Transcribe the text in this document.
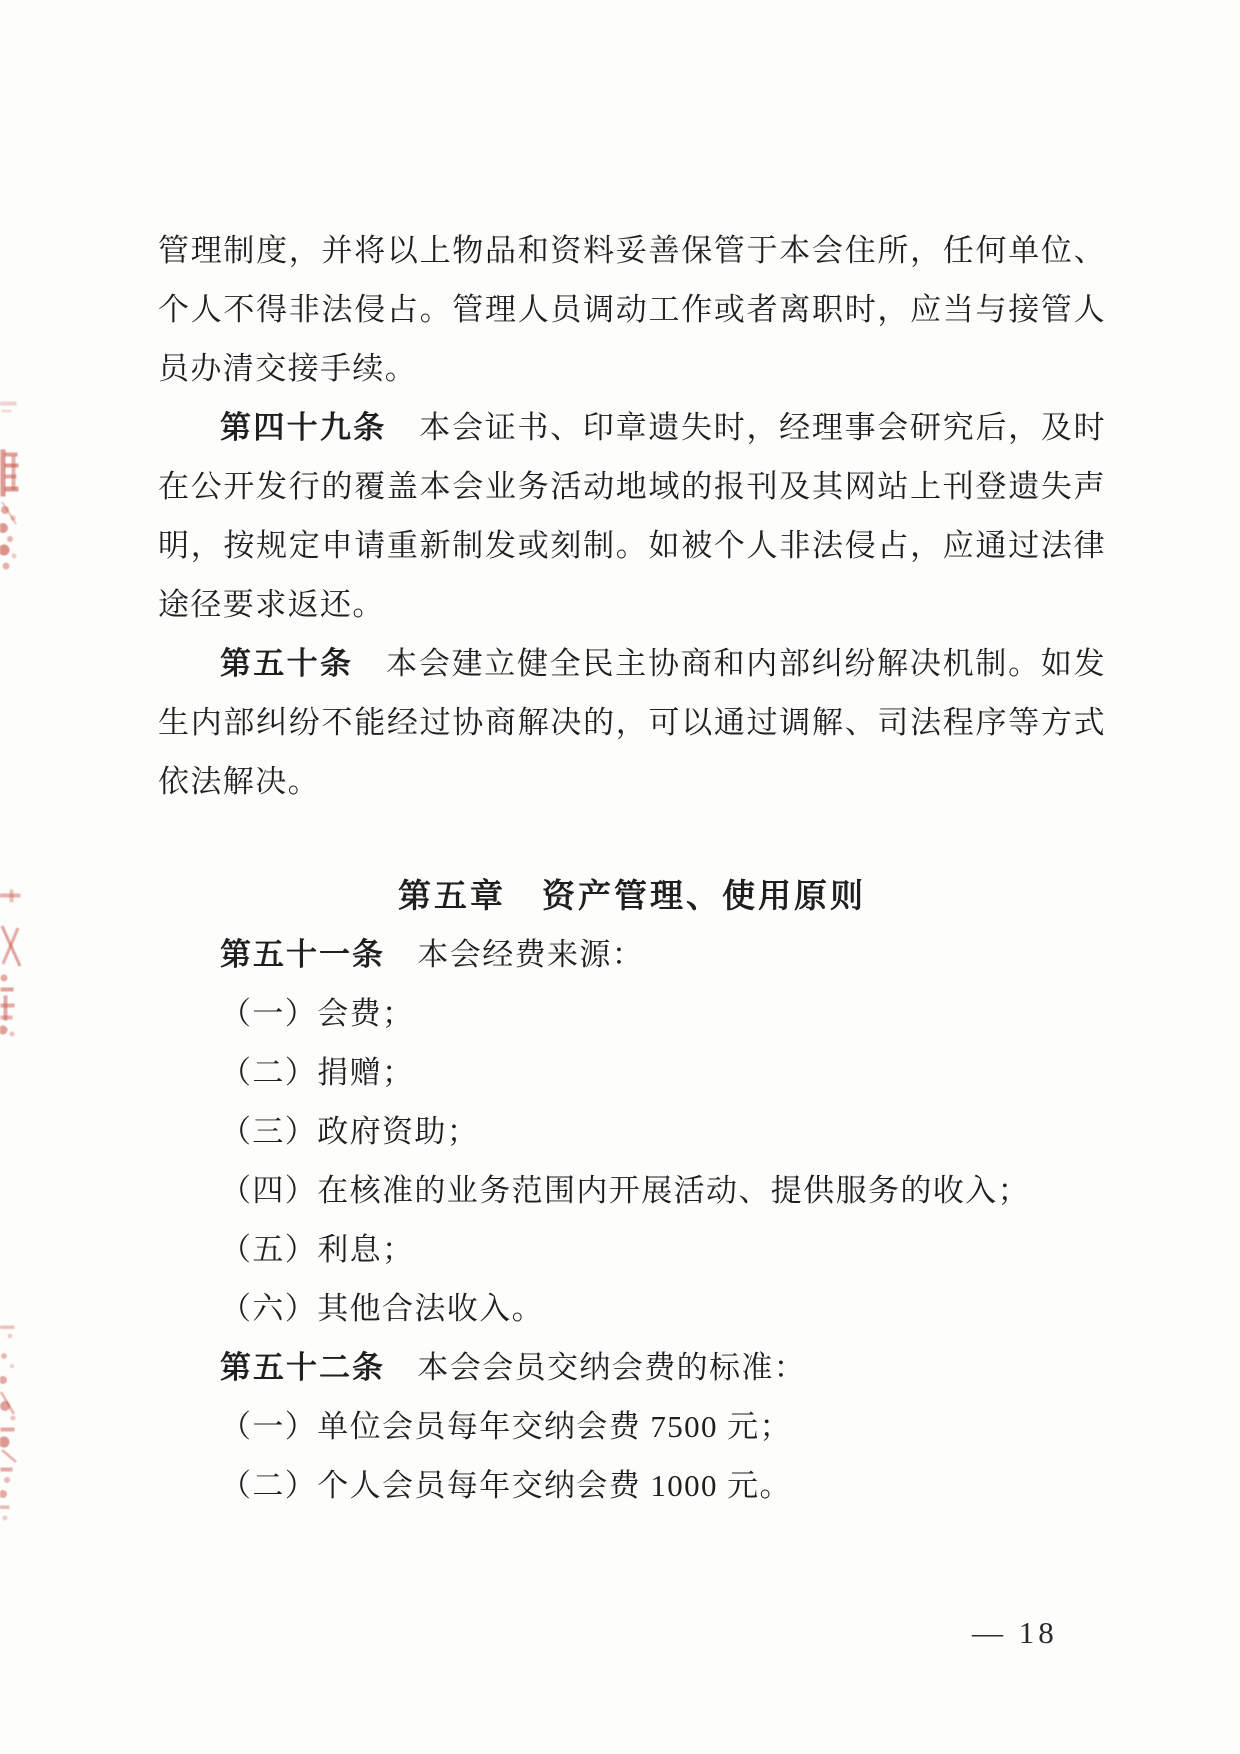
管理制度，并将以上物品和资料妥善保管于本会住所，任何单位、个人不得非法侵占。管理人员调动工作或者离职时，应当与接管人员办清交接手续。

第四十九条　本会证书、印章遗失时，经理事会研究后，及时在公开发行的覆盖本会业务活动地域的报刊及其网站上刊登遗失声明，按规定申请重新制发或刻制。如被个人非法侵占，应通过法律途径要求返还。

第五十条　本会建立健全民主协商和内部纠纷解决机制。如发生内部纠纷不能经过协商解决的，可以通过调解、司法程序等方式依法解决。

第五章　资产管理、使用原则

第五十一条　本会经费来源：

（一）会费；

（二）捐赠；

（三）政府资助；

（四）在核准的业务范围内开展活动、提供服务的收入；

（五）利息；

（六）其他合法收入。

第五十二条　本会会员交纳会费的标准：

（一）单位会员每年交纳会费 7500 元；

（二）个人会员每年交纳会费 1000 元。

— 18
